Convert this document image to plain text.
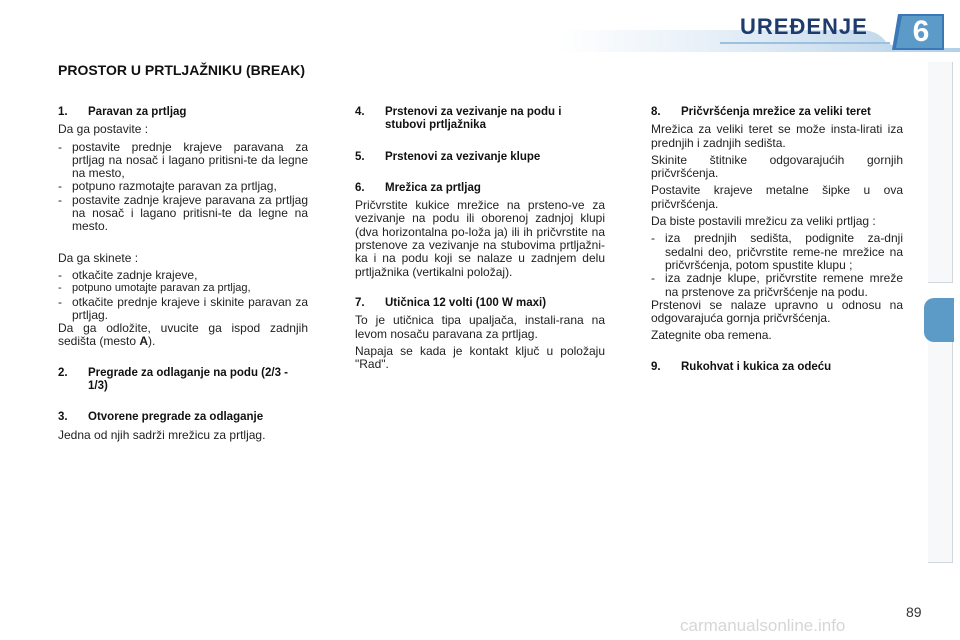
UREĐENJE	6
PROSTOR U PRTLJAŽNIKU (BREAK)
1.	Paravan za prtljag

Da ga postavite :

- postavite prednje krajeve paravana za prtljag na nosač i lagano pritisni-te da legne na mesto,
- potpuno razmotajte paravan za prtljag,
- postavite zadnje krajeve paravana za prtljag na nosač i lagano pritisni-te da legne na mesto.

Da ga skinete :

- otkačite zadnje krajeve,
- potpuno umotajte paravan za prtljag,
- otkačite prednje krajeve i skinite paravan za prtljag.

Da ga odložite, uvucite ga ispod zadnjih sedišta (mesto A).

2.	Pregrade za odlaganje na podu (2/3 - 1/3)
3.	Otvorene pregrade za odlaganje

Jedna od njih sadrži mrežicu za prtljag.

4.	Prstenovi za vezivanje na podu i stubovi prtljažnika
5.	Prstenovi za vezivanje klupe
6.	Mrežica za prtljag

Pričvrstite kukice mrežice na prsteno-ve za vezivanje na podu ili oborenoj zadnjoj klupi (dva horizontalna po-loža ja) ili ih pričvrstite na prstenove za vezivanje na stubovima prtljažni-ka i na podu koji se nalaze u zadnjem delu prtljažnika (vertikalni položaj).

7.	Utičnica 12 volti (100 W maxi)

To je utičnica tipa upaljača, instali-rana na levom nosaču paravana za prtljag.

Napaja se kada je kontakt ključ u položaju "Rad".

8.	Pričvršćenja mrežice za veliki teret

Mrežica za veliki teret se može insta-lirati iza prednjih i zadnjih sedišta.

Skinite štitnike odgovarajućih gornjih pričvršćenja.

Postavite krajeve metalne šipke u ova pričvršćenja.

Da biste postavili mrežicu za veliki prtljag :

- iza prednjih sedišta, podignite za-dnji sedalni deo, pričvrstite reme-ne mrežice na pričvršćenja, potom spustite klupu ;
- iza zadnje klupe, pričvrstite remene mreže na prstenove za pričvršćenje na podu.

Prstenovi se nalaze upravno u odnosu na odgovarajuća gornja pričvršćenja.

Zategnite oba remena.

9.	Rukohvat i kukica za odeću
89
carmanualsonline.info
